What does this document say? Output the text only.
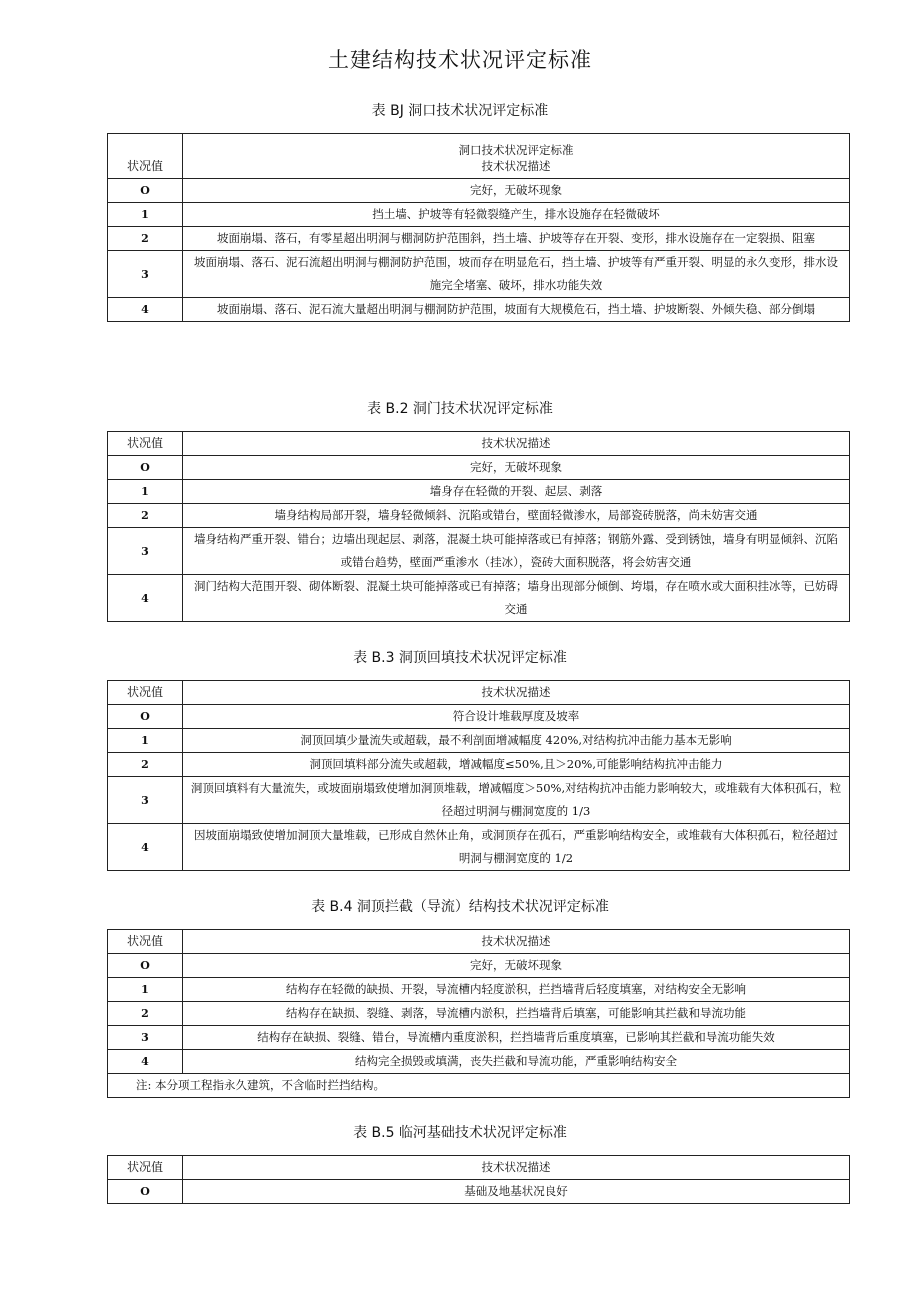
土建结构技术状况评定标准
表 BJ 洞口技术状况评定标准
状况值	洞口技术状况评定标准
技术状况描述

O	完好，无破坏现象
1	挡土墙、护坡等有轻微裂缝产生，排水设施存在轻微破坏
2	坡面崩塌、落石，有零星超出明洞与棚洞防护范围斜，挡土墙、护坡等存在开裂、变形，排水设施存在一定裂损、阻塞
3	坡面崩塌、落石、泥石流超出明洞与棚洞防护范围，坡而存在明显危石，挡土墙、护坡等有严重开裂、明显的永久变形，排水设施完全堵塞、破坏，排水功能失效
4	坡面崩塌、落石、泥石流大量超出明洞与棚洞防护范围，坡面有大规模危石，挡土墙、护坡断裂、外倾失稳、部分倒塌
表 B.2 洞门技术状况评定标准
状况值	技术状况描述
O	完好，无破坏现象
1	墙身存在轻微的开裂、起层、剥落
2	墙身结构局部开裂，墙身轻微倾斜、沉陷或错台，壁面轻微渗水，局部瓷砖脱落，尚未妨害交通
3	墙身结构严重开裂、错台；边墙出现起层、剥落，混凝土块可能掉落或已有掉落；钢筋外露、受到锈蚀，墙身有明显倾斜、沉陷或错台趋势，壁面严重渗水（挂冰），瓷砖大面积脱落，将会妨害交通
4	洞门结构大范围开裂、砌体断裂、混凝土块可能掉落或已有掉落；墙身出现部分倾倒、垮塌，存在喷水或大面积挂冰等，已妨碍交通
表 B.3 洞顶回填技术状况评定标准
状况值	技术状况描述
O	符合设计堆载厚度及坡率
1	洞顶回填少量流失或超载，最不利剖面增减幅度 420%,对结构抗冲击能力基本无影响
2	洞顶回填料部分流失或超载，增减幅度≤50%,且＞20%,可能影响结构抗冲击能力
3	洞顶回填料有大量流失，或坡面崩塌致使增加洞顶堆载，增减幅度＞50%,对结构抗冲击能力影响较大，或堆载有大体积孤石，粒径超过明洞与棚洞宽度的 1/3
4	因坡面崩塌致使增加洞顶大量堆载，已形成自然休止角，或洞顶存在孤石，严重影响结构安全，或堆载有大体积孤石，粒径超过明洞与棚洞宽度的 1/2
表 B.4 洞顶拦截（导流）结构技术状况评定标准
状况值	技术状况描述
O	完好，无破坏现象
1	结构存在轻微的缺损、开裂，导流槽内轻度淤积，拦挡墙背后轻度填塞，对结构安全无影响
2	结构存在缺损、裂缝、剥落，导流槽内淤积，拦挡墙背后填塞，可能影响其拦截和导流功能
3	结构存在缺损、裂缝、错台，导流槽内重度淤积，拦挡墙背后重度填塞，已影响其拦截和导流功能失效
4	结构完全损毁或填满，丧失拦截和导流功能，严重影响结构安全
注: 本分项工程指永久建筑，不含临时拦挡结构。	
表 B.5 临河基础技术状况评定标准
状况值	技术状况描述
O	基础及地基状况良好
